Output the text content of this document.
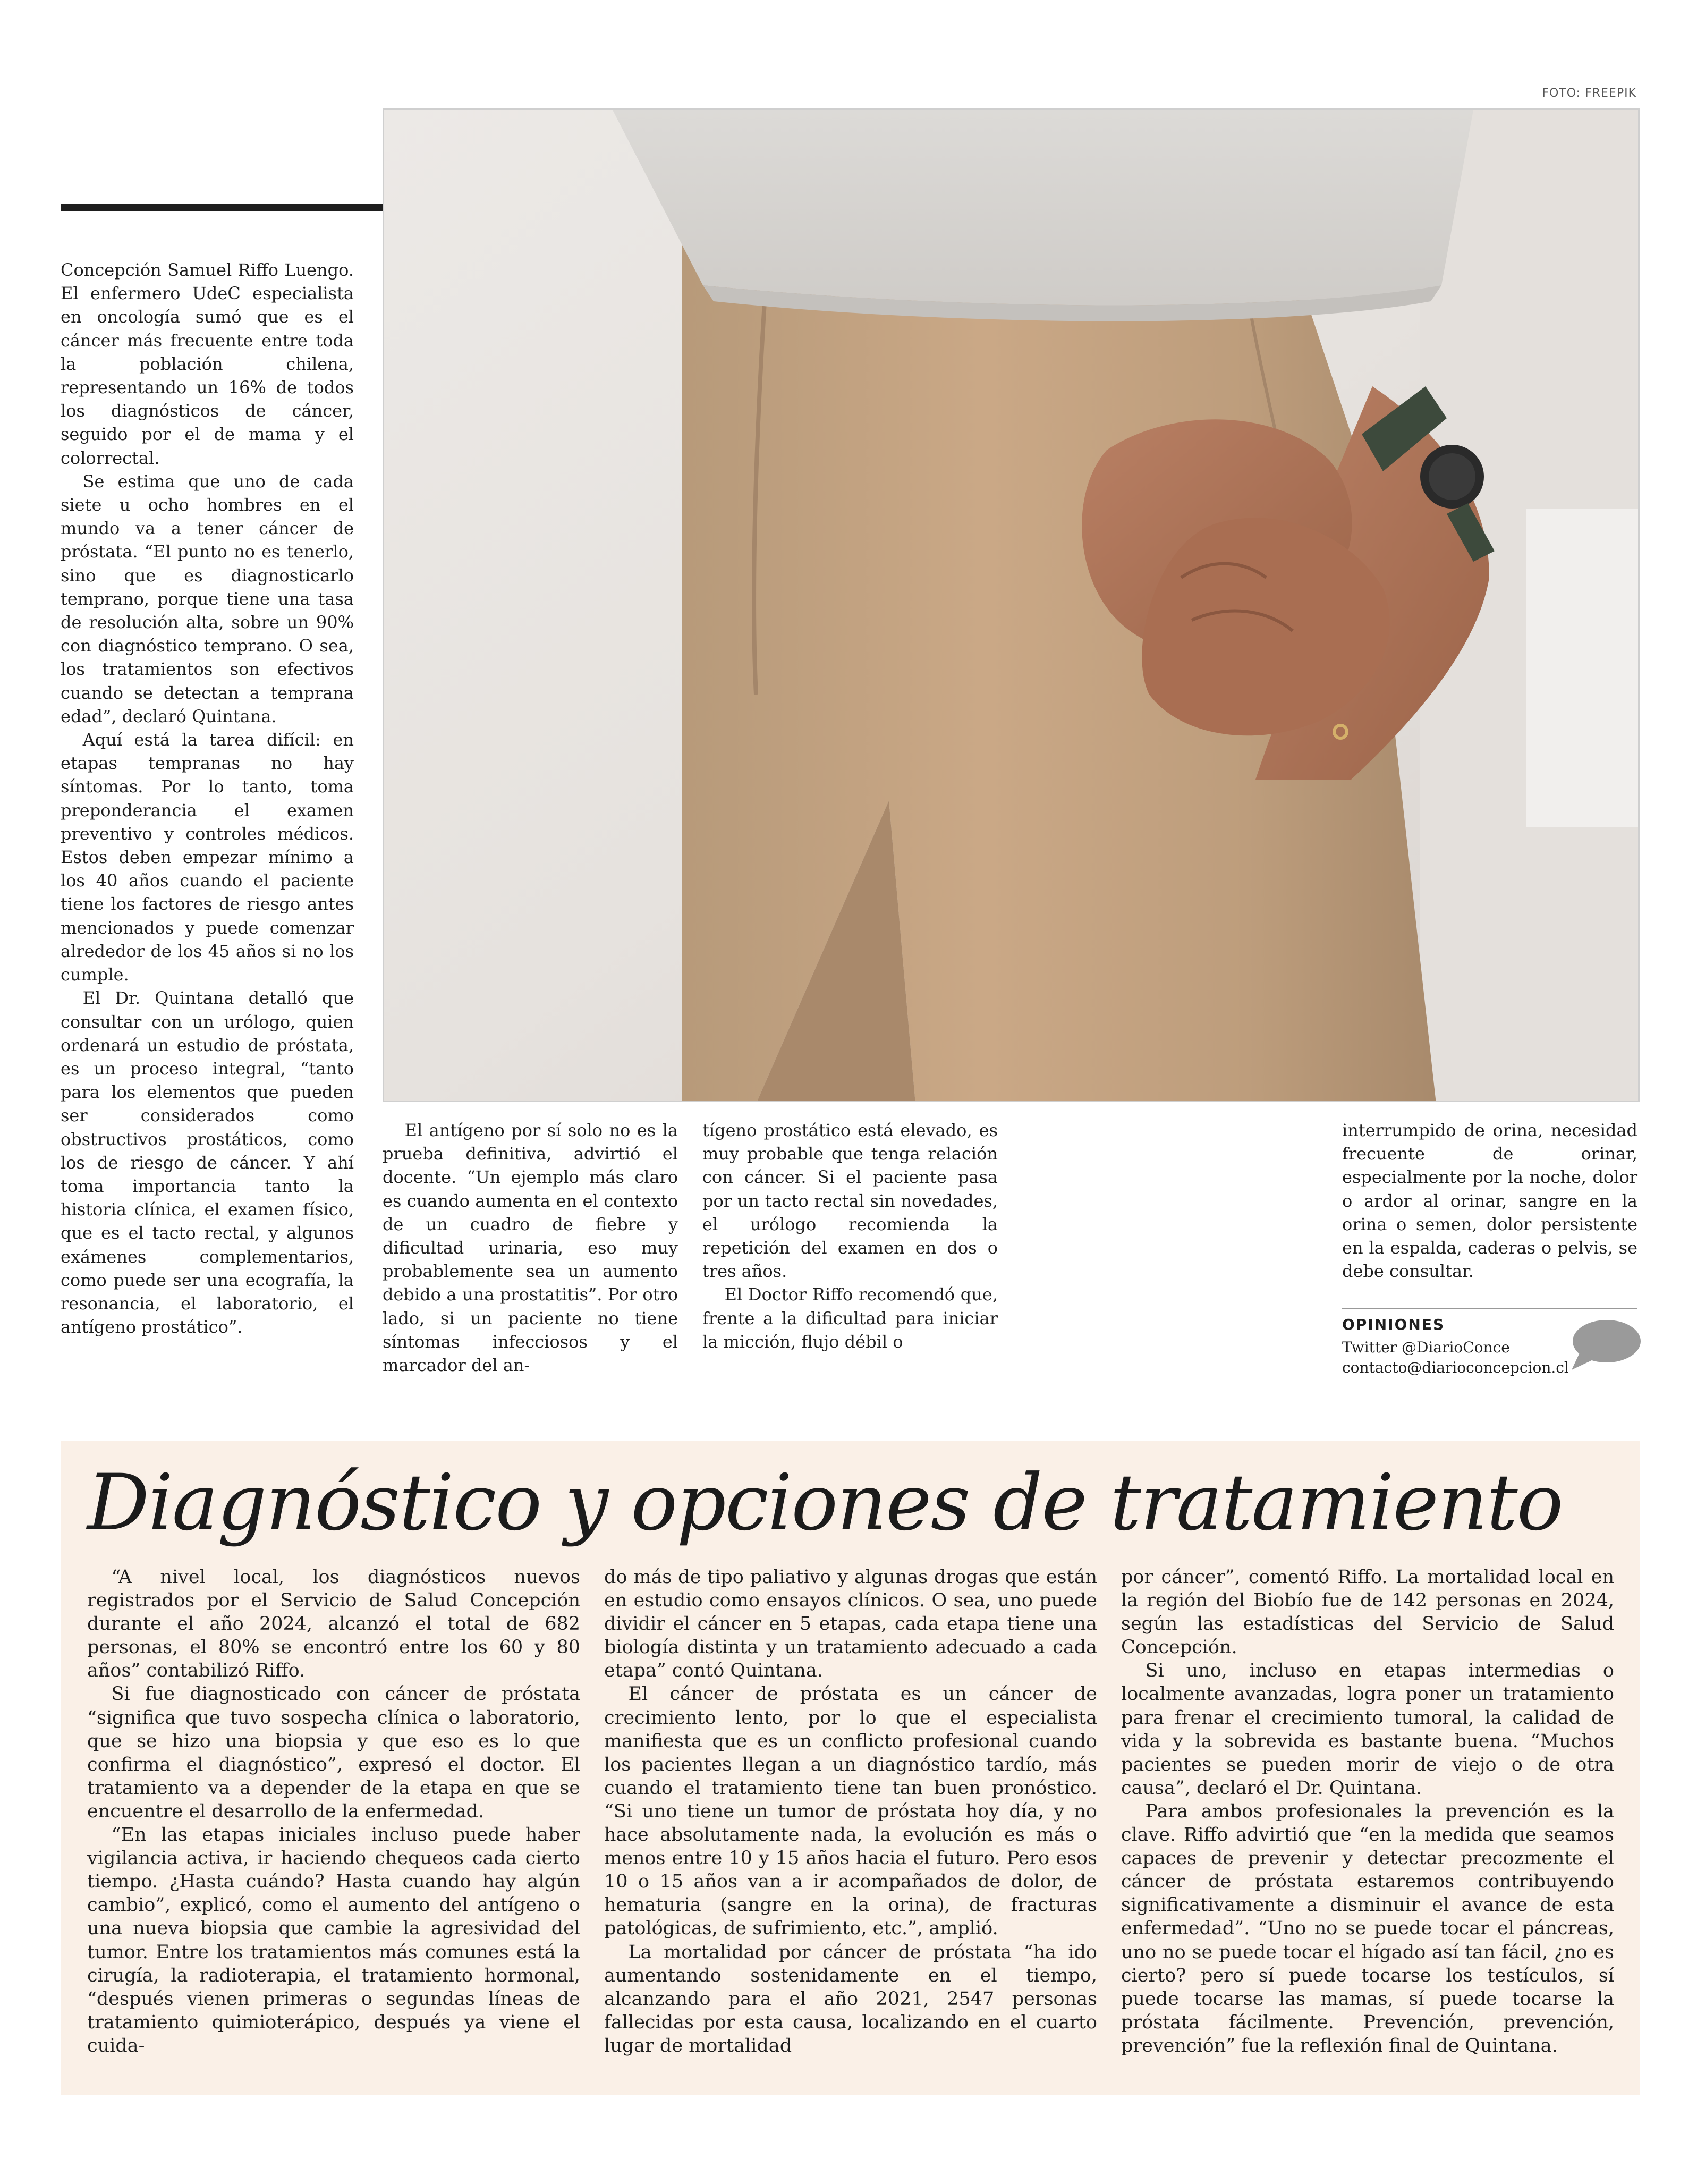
FOTO: FREEPIK

Concepción Samuel Riffo Luengo. El enfermero UdeC especialista en oncología sumó que es el cáncer más frecuente entre toda la población chilena, representando un 16% de todos los diagnósticos de cáncer, seguido por el de mama y el colorrectal.

Se estima que uno de cada siete u ocho hombres en el mundo va a tener cáncer de próstata. “El punto no es tenerlo, sino que es diagnosticarlo temprano, porque tiene una tasa de resolución alta, sobre un 90% con diagnóstico temprano. O sea, los tratamientos son efectivos cuando se detectan a temprana edad”, declaró Quintana.

Aquí está la tarea difícil: en etapas tempranas no hay síntomas. Por lo tanto, toma preponderancia el examen preventivo y controles médicos. Estos deben empezar mínimo a los 40 años cuando el paciente tiene los factores de riesgo antes mencionados y puede comenzar alrededor de los 45 años si no los cumple.

El Dr. Quintana detalló que consultar con un urólogo, quien ordenará un estudio de próstata, es un proceso integral, “tanto para los elementos que pueden ser considerados como obstructivos prostáticos, como los de riesgo de cáncer. Y ahí toma importancia tanto la historia clínica, el examen físico, que es el tacto rectal, y algunos exámenes complementarios, como puede ser una ecografía, la resonancia, el laboratorio, el antígeno prostático”.

El antígeno por sí solo no es la prueba definitiva, advirtió el docente. “Un ejemplo más claro es cuando aumenta en el contexto de un cuadro de fiebre y dificultad urinaria, eso muy probablemente sea un aumento debido a una prostatitis”. Por otro lado, si un paciente no tiene síntomas infecciosos y el marcador del an-

tígeno prostático está elevado, es muy probable que tenga relación con cáncer. Si el paciente pasa por un tacto rectal sin novedades, el urólogo recomienda la repetición del examen en dos o tres años.

El Doctor Riffo recomendó que, frente a la dificultad para iniciar la micción, flujo débil o

interrumpido de orina, necesidad frecuente de orinar, especialmente por la noche, dolor o ardor al orinar, sangre en la orina o semen, dolor persistente en la espalda, caderas o pelvis, se debe consultar.

OPINIONES
Twitter @DiarioConce
contacto@diarioconcepcion.cl
Diagnóstico y opciones de tratamiento

“A nivel local, los diagnósticos nuevos registrados por el Servicio de Salud Concepción durante el año 2024, alcanzó el total de 682 personas, el 80% se encontró entre los 60 y 80 años” contabilizó Riffo.

Si fue diagnosticado con cáncer de próstata “significa que tuvo sospecha clínica o laboratorio, que se hizo una biopsia y que eso es lo que confirma el diagnóstico”, expresó el doctor. El tratamiento va a depender de la etapa en que se encuentre el desarrollo de la enfermedad.

“En las etapas iniciales incluso puede haber vigilancia activa, ir haciendo chequeos cada cierto tiempo. ¿Hasta cuándo? Hasta cuando hay algún cambio”, explicó, como el aumento del antígeno o una nueva biopsia que cambie la agresividad del tumor. Entre los tratamientos más comunes está la cirugía, la radioterapia, el tratamiento hormonal, “después vienen primeras o segundas líneas de tratamiento quimioterápico, después ya viene el cuida-

do más de tipo paliativo y algunas drogas que están en estudio como ensayos clínicos. O sea, uno puede dividir el cáncer en 5 etapas, cada etapa tiene una biología distinta y un tratamiento adecuado a cada etapa” contó Quintana.

El cáncer de próstata es un cáncer de crecimiento lento, por lo que el especialista manifiesta que es un conflicto profesional cuando los pacientes llegan a un diagnóstico tardío, más cuando el tratamiento tiene tan buen pronóstico. “Si uno tiene un tumor de próstata hoy día, y no hace absolutamente nada, la evolución es más o menos entre 10 y 15 años hacia el futuro. Pero esos 10 o 15 años van a ir acompañados de dolor, de hematuria (sangre en la orina), de fracturas patológicas, de sufrimiento, etc.”, amplió.

La mortalidad por cáncer de próstata “ha ido aumentando sostenidamente en el tiempo, alcanzando para el año 2021, 2547 personas fallecidas por esta causa, localizando en el cuarto lugar de mortalidad

por cáncer”, comentó Riffo. La mortalidad local en la región del Biobío fue de 142 personas en 2024, según las estadísticas del Servicio de Salud Concepción.

Si uno, incluso en etapas intermedias o localmente avanzadas, logra poner un tratamiento para frenar el crecimiento tumoral, la calidad de vida y la sobrevida es bastante buena. “Muchos pacientes se pueden morir de viejo o de otra causa”, declaró el Dr. Quintana.

Para ambos profesionales la prevención es la clave. Riffo advirtió que “en la medida que seamos capaces de prevenir y detectar precozmente el cáncer de próstata estaremos contribuyendo significativamente a disminuir el avance de esta enfermedad”. “Uno no se puede tocar el páncreas, uno no se puede tocar el hígado así tan fácil, ¿no es cierto? pero sí puede tocarse los testículos, sí puede tocarse las mamas, sí puede tocarse la próstata fácilmente. Prevención, prevención, prevención” fue la reflexión final de Quintana.
